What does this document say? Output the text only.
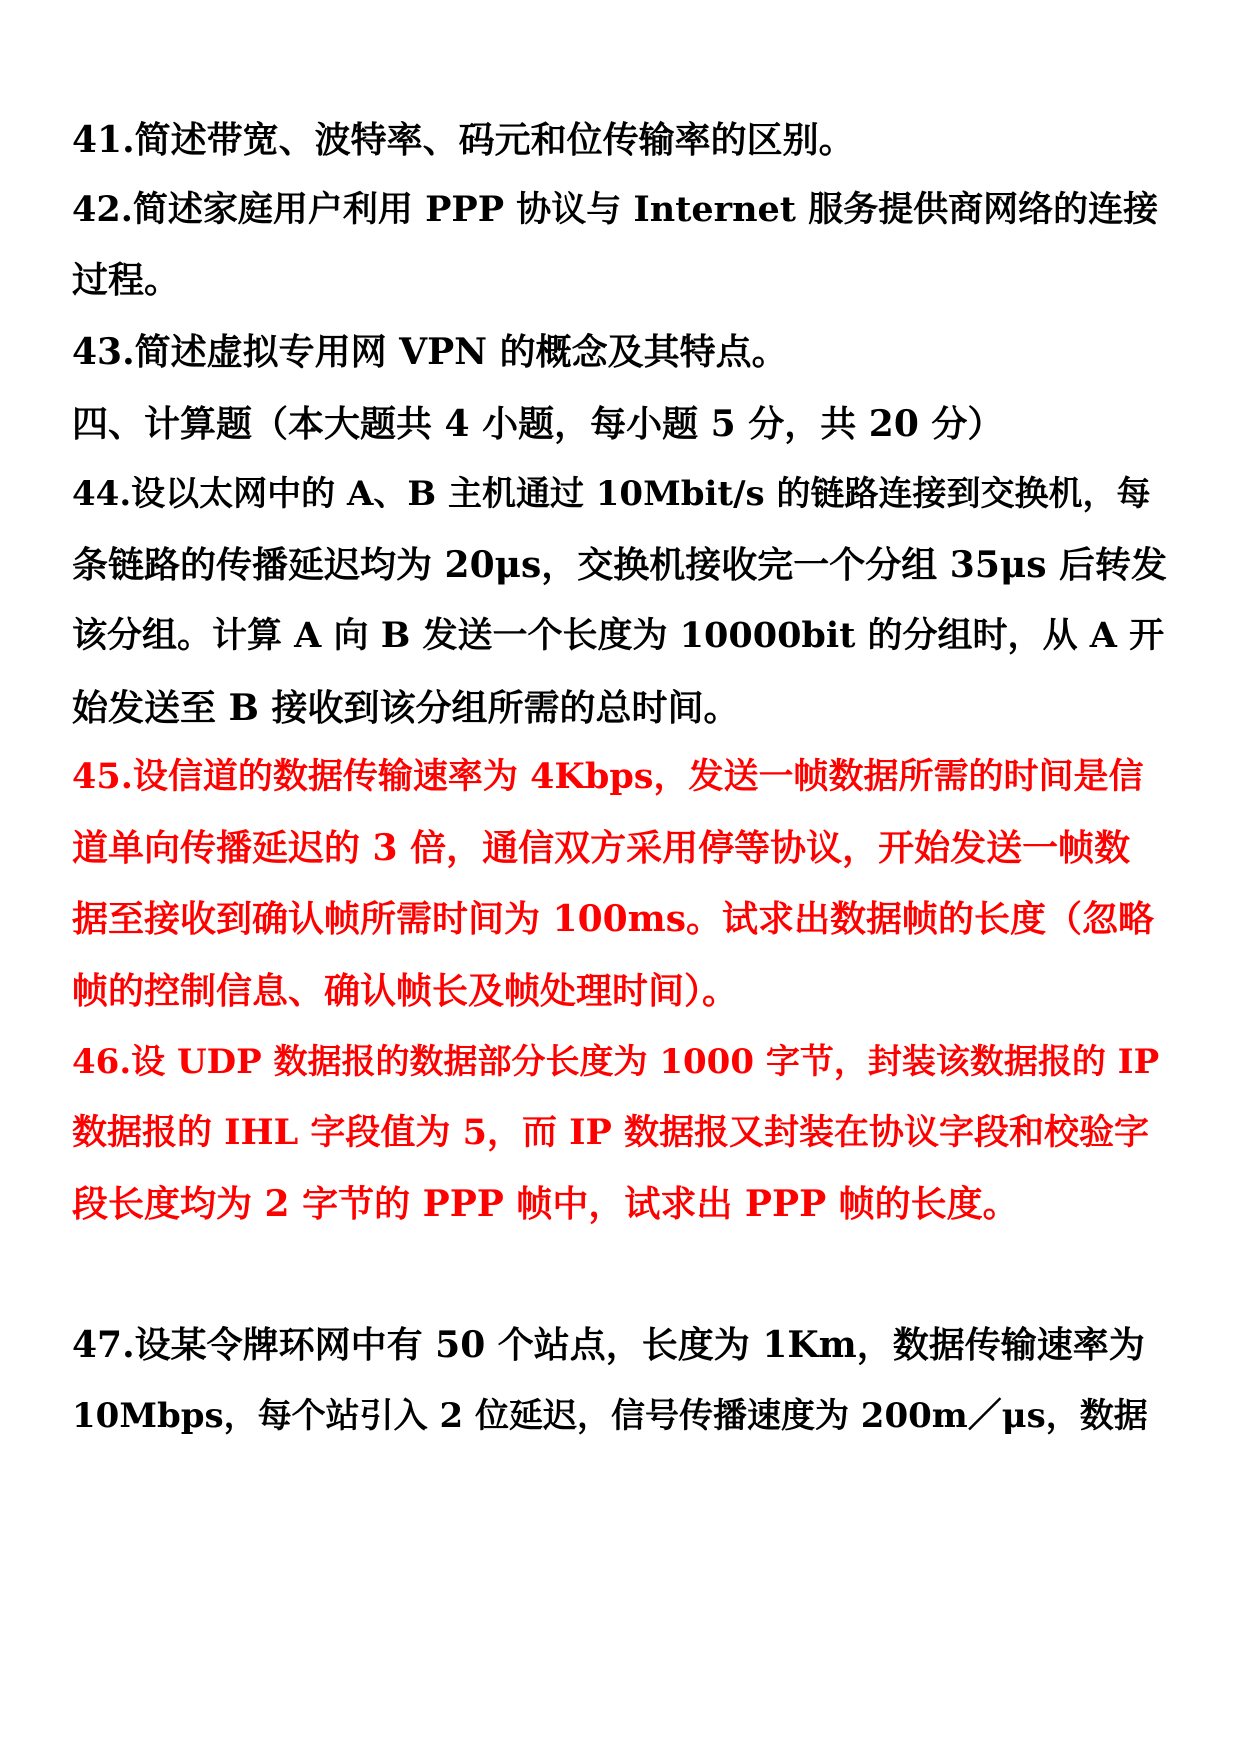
41.简述带宽、波特率、码元和位传输率的区别。
42.简述家庭用户利用 PPP 协议与 Internet 服务提供商网络的连接
过程。
43.简述虚拟专用网 VPN 的概念及其特点。
四、计算题（本大题共 4 小题，每小题 5 分，共 20 分）
44.设以太网中的 A、B 主机通过 10Mbit/s 的链路连接到交换机，每
条链路的传播延迟均为 20μs，交换机接收完一个分组 35μs 后转发
该分组。计算 A 向 B 发送一个长度为 10000bit 的分组时，从 A 开
始发送至 B 接收到该分组所需的总时间。
45.设信道的数据传输速率为 4Kbps，发送一帧数据所需的时间是信
道单向传播延迟的 3 倍，通信双方采用停等协议，开始发送一帧数
据至接收到确认帧所需时间为 100ms。试求出数据帧的长度（忽略
帧的控制信息、确认帧长及帧处理时间）。
46.设 UDP 数据报的数据部分长度为 1000 字节，封装该数据报的 IP
数据报的 IHL 字段值为 5，而 IP 数据报又封装在协议字段和校验字
段长度均为 2 字节的 PPP 帧中，试求出 PPP 帧的长度。
47.设某令牌环网中有 50 个站点，长度为 1Km，数据传输速率为
10Mbps，每个站引入 2 位延迟，信号传播速度为 200m／μs，数据
